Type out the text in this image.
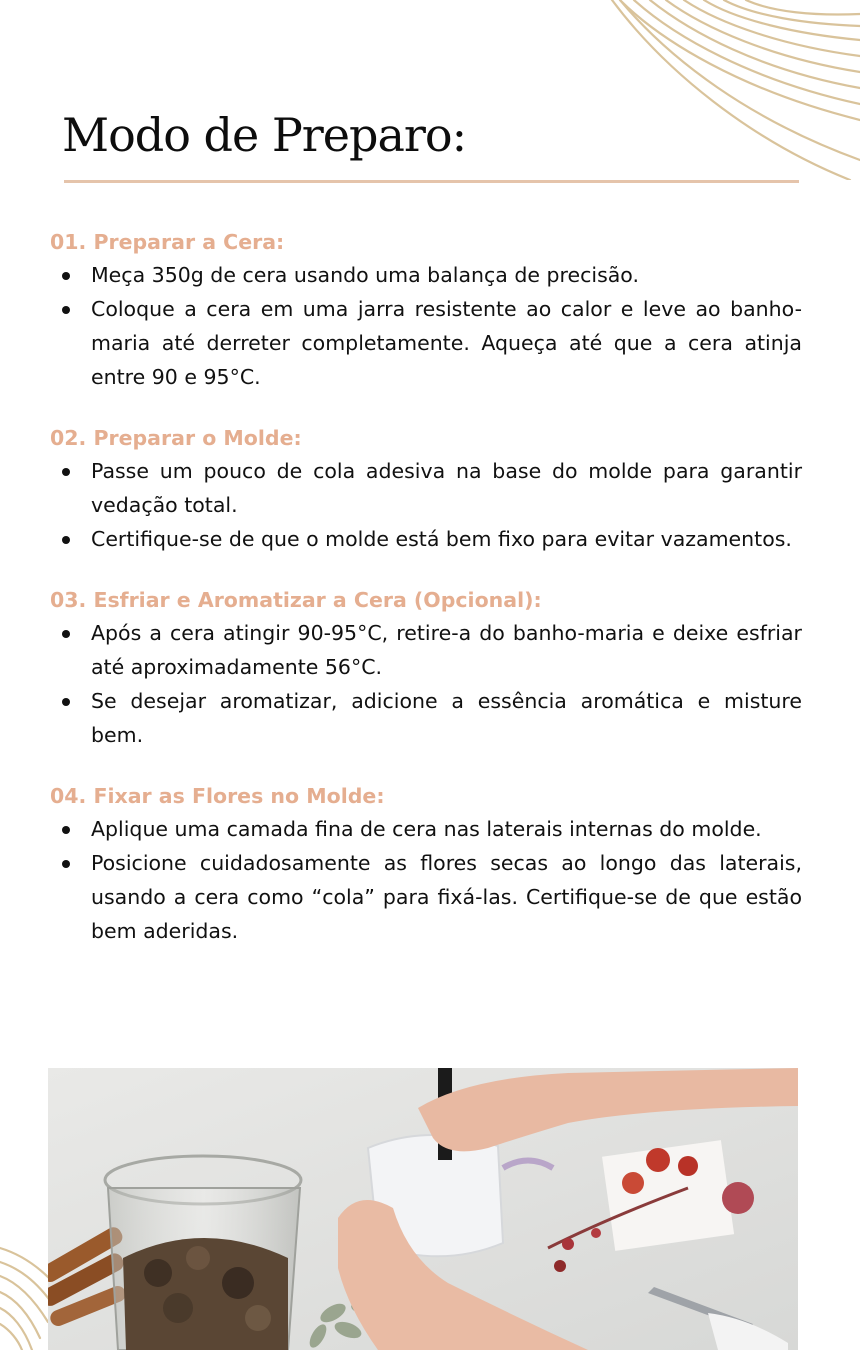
Modo de Preparo:
01. Preparar a Cera:
Meça 350g de cera usando uma balança de precisão.
Coloque a cera em uma jarra resistente ao calor e leve ao banho-maria até derreter completamente. Aqueça até que a cera atinja entre 90 e 95°C.
02. Preparar o Molde:
Passe um pouco de cola adesiva na base do molde para garantir vedação total.
Certifique-se de que o molde está bem fixo para evitar vazamentos.
03. Esfriar e Aromatizar a Cera (Opcional):
Após a cera atingir 90-95°C, retire-a do banho-maria e deixe esfriar até aproximadamente 56°C.
Se desejar aromatizar, adicione a essência aromática e misture bem.
04. Fixar as Flores no Molde:
Aplique uma camada fina de cera nas laterais internas do molde.
Posicione cuidadosamente as flores secas ao longo das laterais, usando a cera como “cola” para fixá-las. Certifique-se de que estão bem aderidas.
